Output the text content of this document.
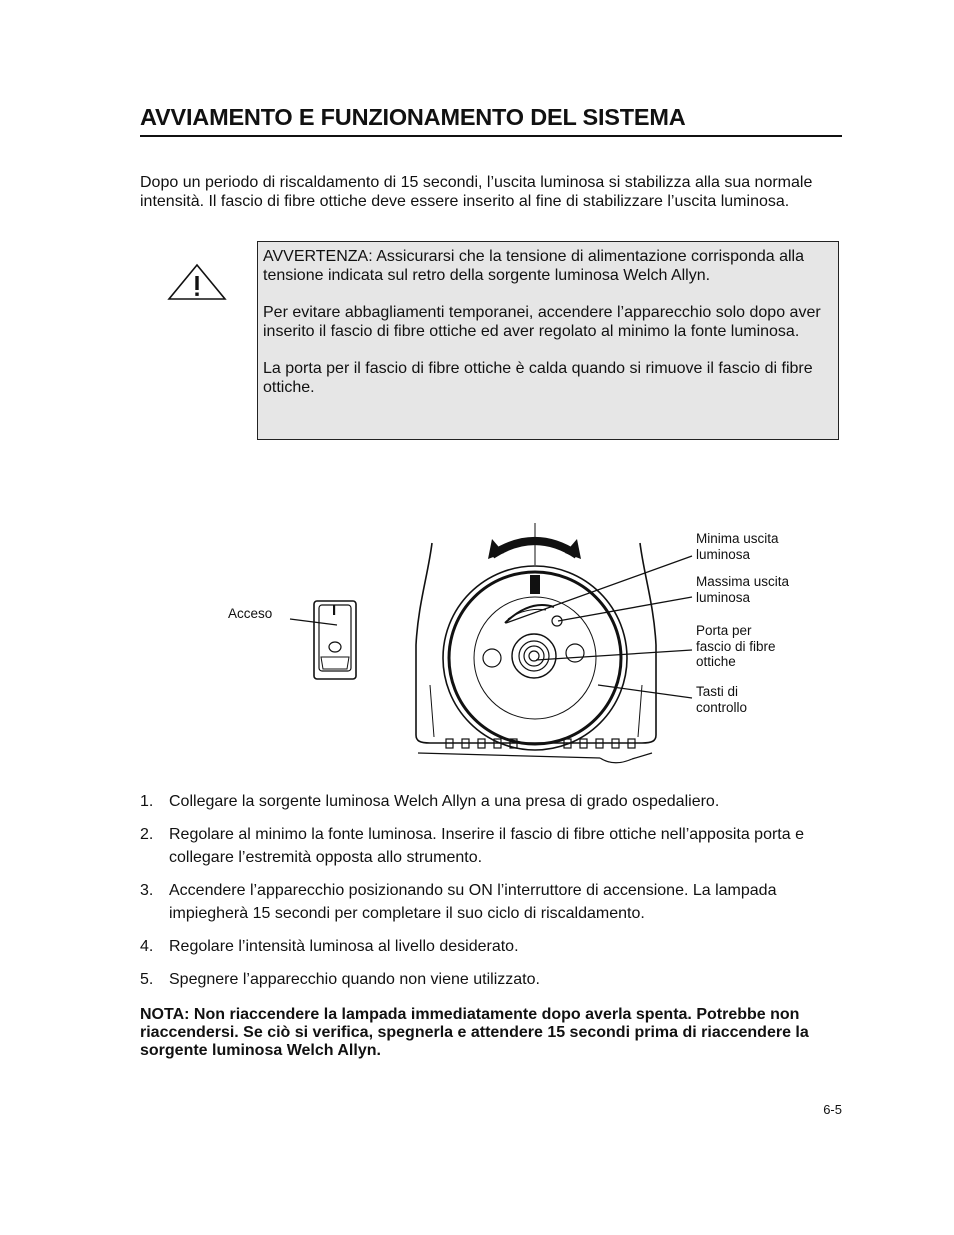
AVVIAMENTO E FUNZIONAMENTO DEL SISTEMA

Dopo un periodo di riscaldamento di 15 secondi, l’uscita luminosa si stabilizza alla sua normale intensità. Il fascio di fibre ottiche deve essere inserito al fine di stabilizzare l’uscita luminosa.

AVVERTENZA: Assicurarsi che la tensione di alimentazione corrisponda alla tensione indicata sul retro della sorgente luminosa Welch Allyn.

Per evitare abbagliamenti temporanei, accendere l’apparecchio solo dopo aver inserito il fascio di fibre ottiche ed aver regolato al minimo la fonte luminosa.

La porta per il fascio di fibre ottiche è calda quando si rimuove il fascio di fibre ottiche.

I

Acceso

Minima uscita
luminosa

Massima uscita
luminosa

Porta per
fascio di fibre
ottiche

Tasti di
controllo

1. Collegare la sorgente luminosa Welch Allyn a una presa di grado ospedaliero.
2. Regolare al minimo la fonte luminosa. Inserire il fascio di fibre ottiche nell’apposita porta e collegare l’estremità opposta allo strumento.
3. Accendere l’apparecchio posizionando su ON l’interruttore di accensione. La lampada impiegherà 15 secondi per completare il suo ciclo di riscaldamento.
4. Regolare l’intensità luminosa al livello desiderato.
5. Spegnere l’apparecchio quando non viene utilizzato.

NOTA: Non riaccendere la lampada immediatamente dopo averla spenta. Potrebbe non riaccendersi. Se ciò si verifica, spegnerla e attendere 15 secondi prima di riaccendere la sorgente luminosa Welch Allyn.

6-5
